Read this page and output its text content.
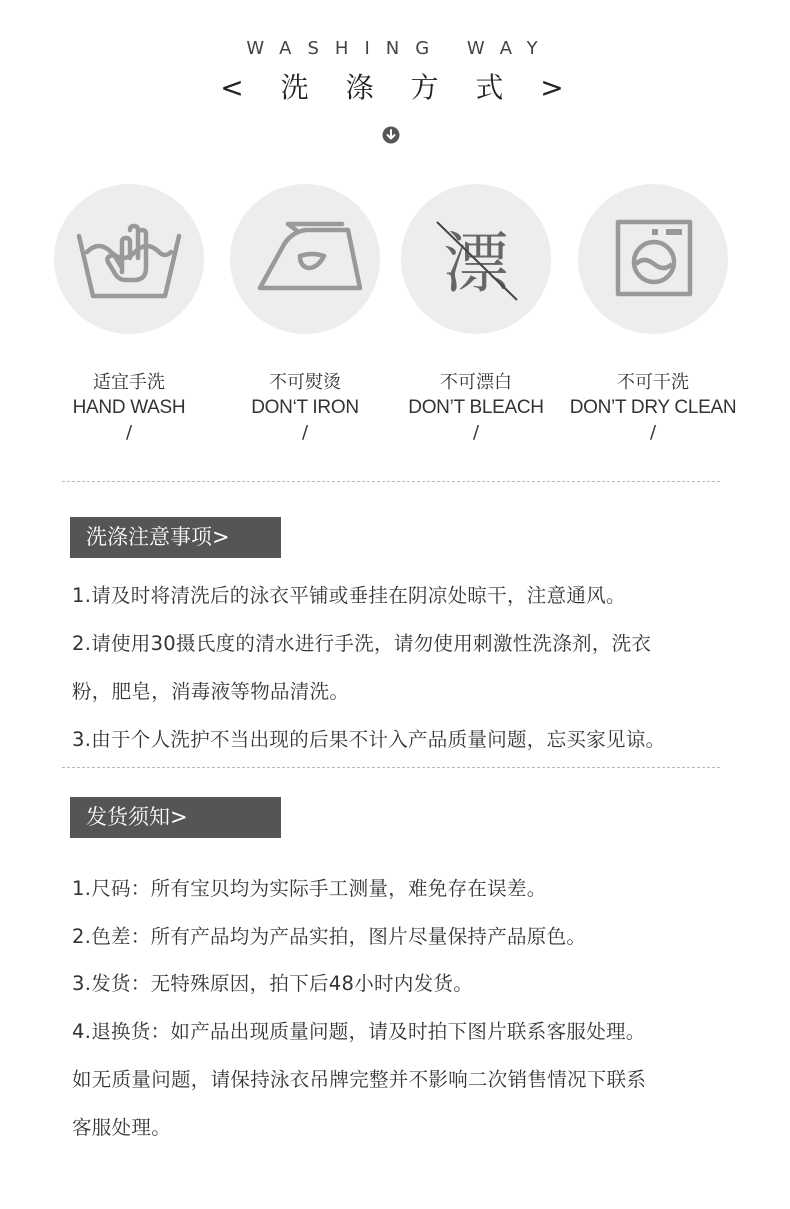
WASHING WAY
< 洗 涤 方 式 >
适宜手洗
HAND WASH
/
不可熨烫
DON‘T IRON
/
漂
不可漂白
DON’T BLEACH
/
不可干洗
DON’T DRY CLEAN
/
洗涤注意事项>
1.请及时将清洗后的泳衣平铺或垂挂在阴凉处晾干，注意通风。
2.请使用30摄氏度的清水进行手洗，请勿使用刺激性洗涤剂，洗衣
粉，肥皂，消毒液等物品清洗。
3.由于个人洗护不当出现的后果不计入产品质量问题，忘买家见谅。
发货须知>
1.尺码：所有宝贝均为实际手工测量，难免存在误差。
2.色差：所有产品均为产品实拍，图片尽量保持产品原色。
3.发货：无特殊原因，拍下后48小时内发货。
4.退换货：如产品出现质量问题，请及时拍下图片联系客服处理。
如无质量问题，请保持泳衣吊牌完整并不影响二次销售情况下联系
客服处理。
